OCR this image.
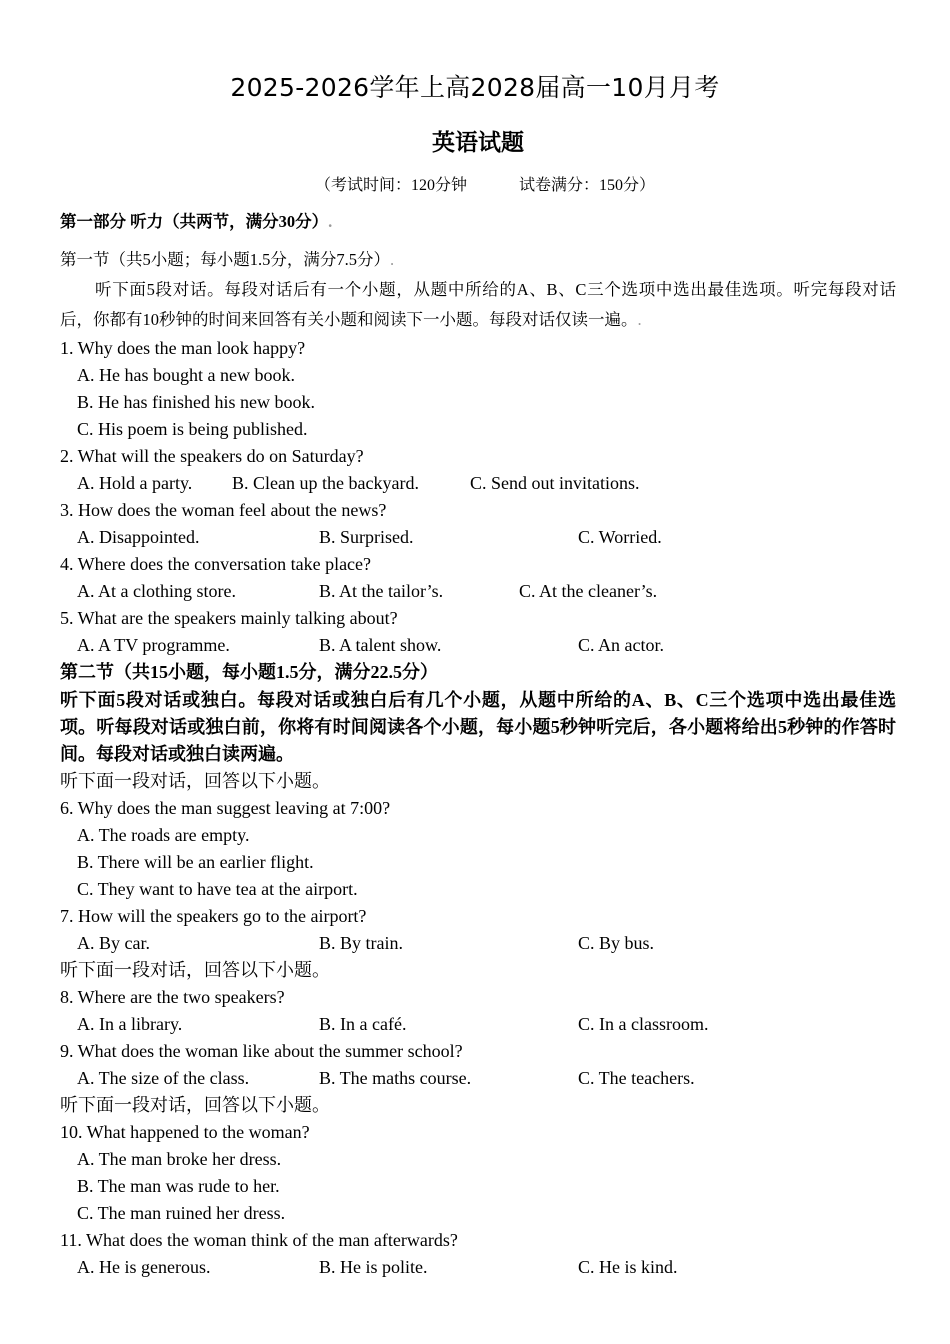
2025-2026学年上高2028届高一10月月考
英语试题
（考试时间：120分钟	试卷满分：150分）
第一部分 听力（共两节，满分30分）.
第一节（共5小题；每小题1.5分，满分7.5分）.
听下面5段对话。每段对话后有一个小题，从题中所给的A、B、C三个选项中选出最佳选项。听完每段对话后，你都有10秒钟的时间来回答有关小题和阅读下一小题。每段对话仅读一遍。.
1. Why does the man look happy?
A. He has bought a new book.
B. He has finished his new book.
C. His poem is being published.
2. What will the speakers do on Saturday?
A. Hold a party. B. Clean up the backyard.	C. Send out invitations.
3. How does the woman feel about the news?
A. Disappointed.	B. Surprised.	C. Worried.
4. Where does the conversation take place?
A. At a clothing store.	B. At the tailor’s.	C. At the cleaner’s.
5. What are the speakers mainly talking about?
A. A TV programme.	B. A talent show.	C. An actor.
第二节（共15小题，每小题1.5分，满分22.5分）
听下面5段对话或独白。每段对话或独白后有几个小题，从题中所给的A、B、C三个选项中选出最佳选项。听每段对话或独白前，你将有时间阅读各个小题，每小题5秒钟听完后，各小题将给出5秒钟的作答时间。每段对话或独白读两遍。
听下面一段对话，回答以下小题。
6. Why does the man suggest leaving at 7:00?
A. The roads are empty.
B. There will be an earlier flight.
C. They want to have tea at the airport.
7. How will the speakers go to the airport?
A. By car.	B. By train.	C. By bus.
听下面一段对话，回答以下小题。
8. Where are the two speakers?
A. In a library.	B. In a café.	C. In a classroom.
9. What does the woman like about the summer school?
A. The size of the class.	B. The maths course.	C. The teachers.
听下面一段对话，回答以下小题。
10. What happened to the woman?
A. The man broke her dress.
B. The man was rude to her.
C. The man ruined her dress.
11. What does the woman think of the man afterwards?
A. He is generous.	B. He is polite.	C. He is kind.
